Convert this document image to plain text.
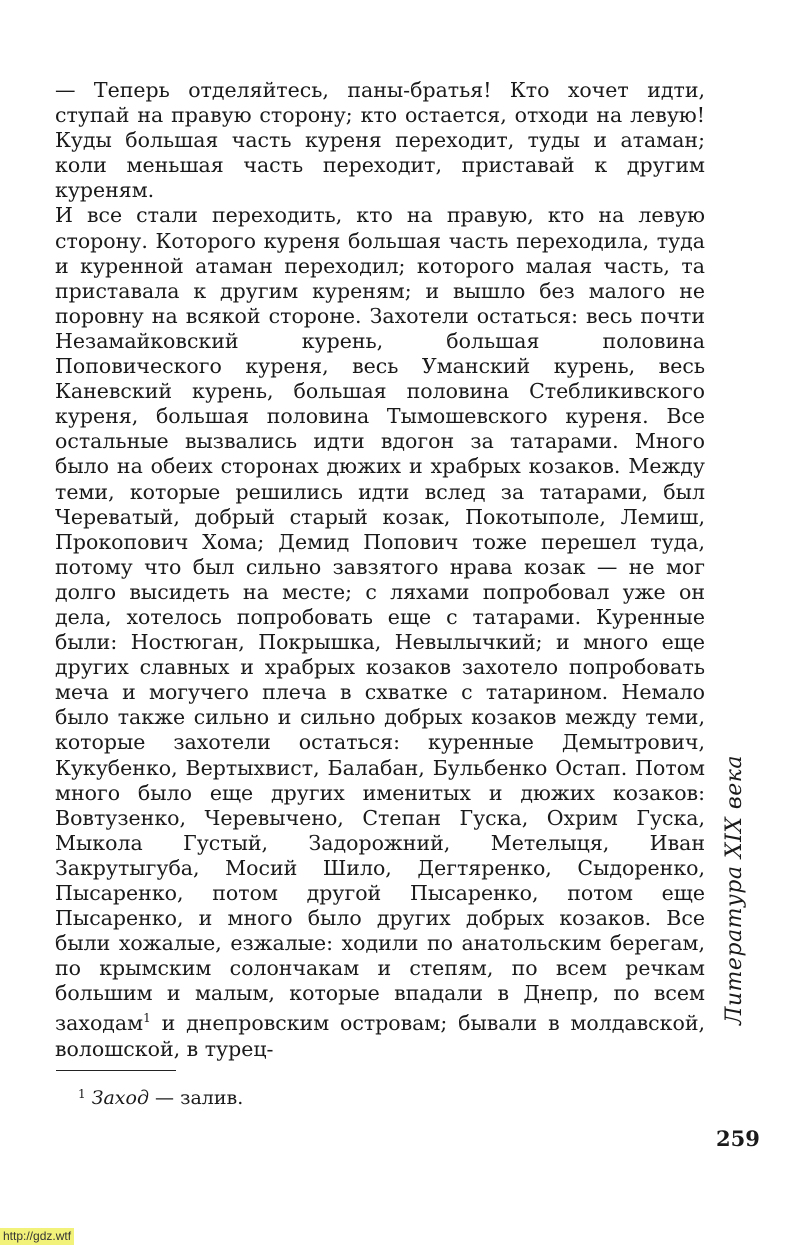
— Теперь отделяйтесь, паны-братья! Кто хочет идти, ступай на правую сторону; кто остается, отходи на левую! Куды большая часть куреня переходит, туды и атаман; коли меньшая часть переходит, приставай к другим куреням.

И все стали переходить, кто на правую, кто на левую сторону. Которого куреня большая часть переходила, туда и куренной атаман переходил; которого малая часть, та приставала к другим куреням; и вышло без малого не поровну на всякой стороне. Захотели остаться: весь почти Незамайковский курень, большая половина Поповического куреня, весь Уманский курень, весь Каневский курень, большая половина Стебликивского куреня, большая половина Тымошевского куреня. Все остальные вызвались идти вдогон за татарами. Много было на обеих сторонах дюжих и храбрых козаков. Между теми, которые решились идти вслед за татарами, был Череватый, добрый старый козак, Покотыполе, Лемиш, Прокопович Хома; Демид Попович тоже перешел туда, потому что был сильно завзятого нрава козак — не мог долго высидеть на месте; с ляхами попробовал уже он дела, хотелось попробовать еще с татарами. Куренные были: Ностюган, Покрышка, Невылычкий; и много еще других славных и храбрых козаков захотело попробовать меча и могучего плеча в схватке с татарином. Немало было также сильно и сильно добрых козаков между теми, которые захотели остаться: куренные Демытрович, Кукубенко, Вертыхвист, Балабан, Бульбенко Остап. Потом много было еще других именитых и дюжих козаков: Вовтузенко, Черевычено, Степан Гуска, Охрим Гуска, Мыкола Густый, Задорожний, Метелыця, Иван Закрутыгуба, Мосий Шило, Дегтяренко, Сыдоренко, Пысаренко, потом другой Пысаренко, потом еще Пысаренко, и много было других добрых козаков. Все были хожалые, езжалые: ходили по анатольским берегам, по крымским солончакам и степям, по всем речкам большим и малым, которые впадали в Днепр, по всем заходам$^1$ и днепровским островам; бывали в молдавской, волошской, в турец-

$^1$ Заход — залив.
Литература XIX века
259
http://gdz.wtf
